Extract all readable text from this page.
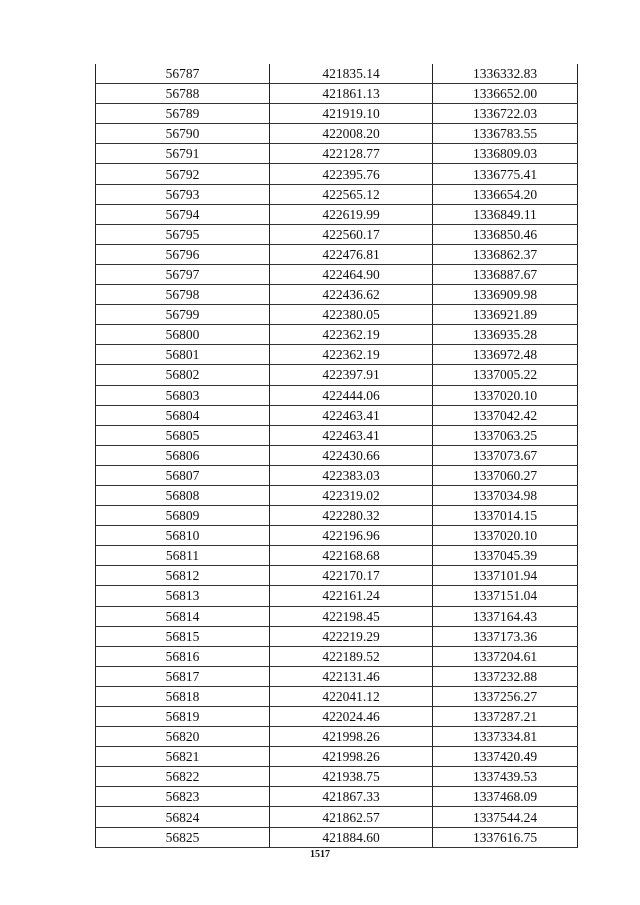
56787	421835.14	1336332.83
56788	421861.13	1336652.00
56789	421919.10	1336722.03
56790	422008.20	1336783.55
56791	422128.77	1336809.03
56792	422395.76	1336775.41
56793	422565.12	1336654.20
56794	422619.99	1336849.11
56795	422560.17	1336850.46
56796	422476.81	1336862.37
56797	422464.90	1336887.67
56798	422436.62	1336909.98
56799	422380.05	1336921.89
56800	422362.19	1336935.28
56801	422362.19	1336972.48
56802	422397.91	1337005.22
56803	422444.06	1337020.10
56804	422463.41	1337042.42
56805	422463.41	1337063.25
56806	422430.66	1337073.67
56807	422383.03	1337060.27
56808	422319.02	1337034.98
56809	422280.32	1337014.15
56810	422196.96	1337020.10
56811	422168.68	1337045.39
56812	422170.17	1337101.94
56813	422161.24	1337151.04
56814	422198.45	1337164.43
56815	422219.29	1337173.36
56816	422189.52	1337204.61
56817	422131.46	1337232.88
56818	422041.12	1337256.27
56819	422024.46	1337287.21
56820	421998.26	1337334.81
56821	421998.26	1337420.49
56822	421938.75	1337439.53
56823	421867.33	1337468.09
56824	421862.57	1337544.24
56825	421884.60	1337616.75
1517
